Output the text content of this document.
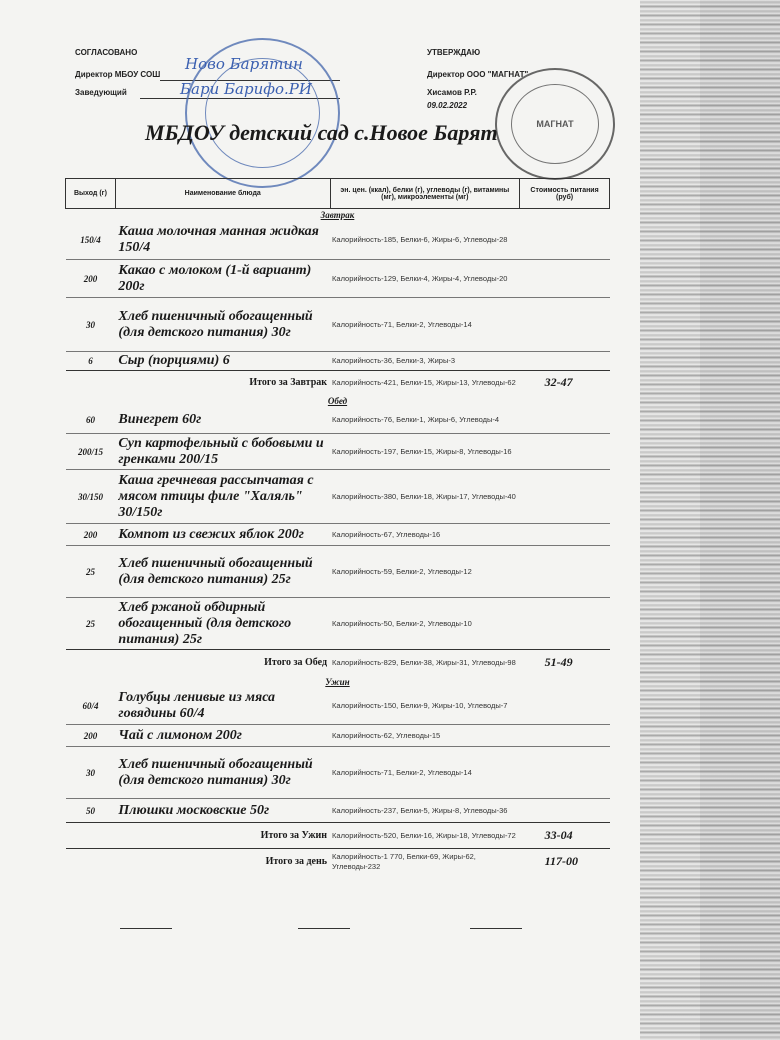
СОГЛАСОВАНО
Директор МБОУ СОШ
Заведующий
УТВЕРЖДАЮ
Директор ООО "МАГНАТ"
Хисамов Р.Р.
09.02.2022
Ново Барятин
Бари Барифо.РИ
МАГНАТ
МБДОУ детский сад с.Новое Барят
Выход (г)	Наименование блюда	эн. цен. (ккал), белки (г), углеводы (г), витамины (мг), микроэлементы (мг)	Стоимость питания (руб)
Завтрак			
150/4	Каша молочная манная жидкая 150/4	Калорийность-185, Белки-6, Жиры-6, Углеводы-28	
200	Какао с молоком (1-й вариант) 200г	Калорийность-129, Белки-4, Жиры-4, Углеводы-20	
30	Хлеб пшеничный обогащенный (для детского питания) 30г	Калорийность-71, Белки-2, Углеводы-14	
6	Сыр (порциями) 6	Калорийность-36, Белки-3, Жиры-3	
Итого за Завтрак		Калорийность-421, Белки-15, Жиры-13, Углеводы-62	32-47
Обед			
60	Винегрет 60г	Калорийность-76, Белки-1, Жиры-6, Углеводы-4	
200/15	Суп картофельный с бобовыми и гренками 200/15	Калорийность-197, Белки-15, Жиры-8, Углеводы-16	
30/150	Каша гречневая рассыпчатая с мясом птицы филе "Халяль" 30/150г	Калорийность-380, Белки-18, Жиры-17, Углеводы-40	
200	Компот из свежих яблок 200г	Калорийность-67, Углеводы-16	
25	Хлеб пшеничный обогащенный (для детского питания) 25г	Калорийность-59, Белки-2, Углеводы-12	
25	Хлеб ржаной обдирный обогащенный (для детского питания) 25г	Калорийность-50, Белки-2, Углеводы-10	
Итого за Обед		Калорийность-829, Белки-38, Жиры-31, Углеводы-98	51-49
Ужин			
60/4	Голубцы ленивые из мяса говядины 60/4	Калорийность-150, Белки-9, Жиры-10, Углеводы-7	
200	Чай с лимоном 200г	Калорийность-62, Углеводы-15	
30	Хлеб пшеничный обогащенный (для детского питания) 30г	Калорийность-71, Белки-2, Углеводы-14	
50	Плюшки московские 50г	Калорийность-237, Белки-5, Жиры-8, Углеводы-36	
Итого за Ужин		Калорийность-520, Белки-16, Жиры-18, Углеводы-72	33-04
Итого за день		Калорийность-1 770, Белки-69, Жиры-62, Углеводы-232	117-00
